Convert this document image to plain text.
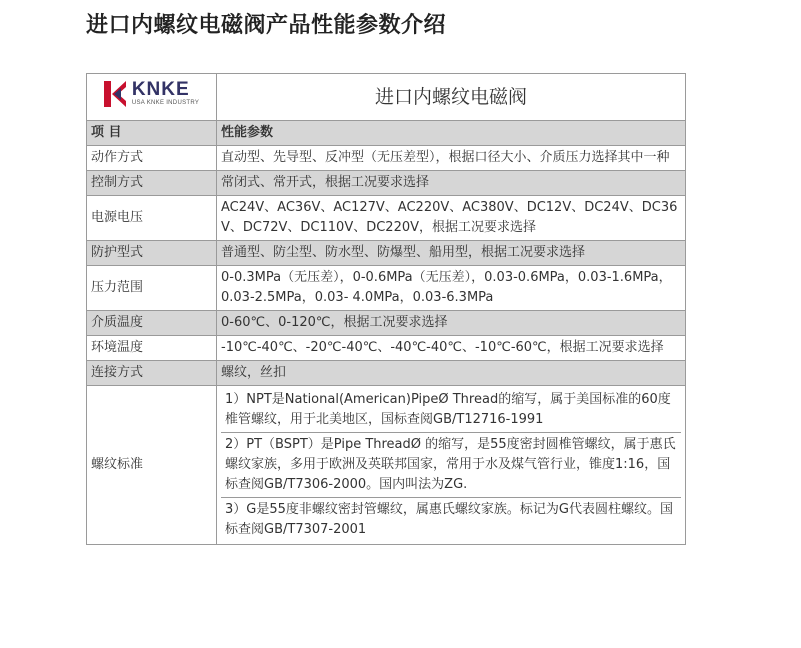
进口内螺纹电磁阀产品性能参数介绍
KNKE
USA KNKE INDUSTRY	进口内螺纹电磁阀
项 目	性能参数
动作方式	直动型、先导型、反冲型（无压差型），根据口径大小、介质压力选择其中一种
控制方式	常闭式、常开式，根据工况要求选择
电源电压	AC24V、AC36V、AC127V、AC220V、AC380V、DC12V、DC24V、DC36V、DC72V、DC110V、DC220V，根据工况要求选择
防护型式	普通型、防尘型、防水型、防爆型、船用型，根据工况要求选择
压力范围	0-0.3MPa（无压差），0-0.6MPa（无压差），0.03-0.6MPa，0.03-1.6MPa，0.03-2.5MPa，0.03- 4.0MPa，0.03-6.3MPa
介质温度	0-60℃、0-120℃，根据工况要求选择
环境温度	-10℃-40℃、-20℃-40℃、-40℃-40℃、-10℃-60℃，根据工况要求选择
连接方式	螺纹，丝扣
螺纹标准	1）NPT是National(American)PipeØ Thread的缩写，属于美国标准的60度椎管螺纹，用于北美地区，国标查阅GB/T12716-1991
2）PT（BSPT）是Pipe ThreadØ 的缩写，是55度密封圆椎管螺纹，属于惠氏螺纹家族，多用于欧洲及英联邦国家，常用于水及煤气管行业，锥度1:16，国标查阅GB/T7306-2000。国内叫法为ZG.
3）G是55度非螺纹密封管螺纹，属惠氏螺纹家族。标记为G代表圆柱螺纹。国标查阅GB/T7307-2001
